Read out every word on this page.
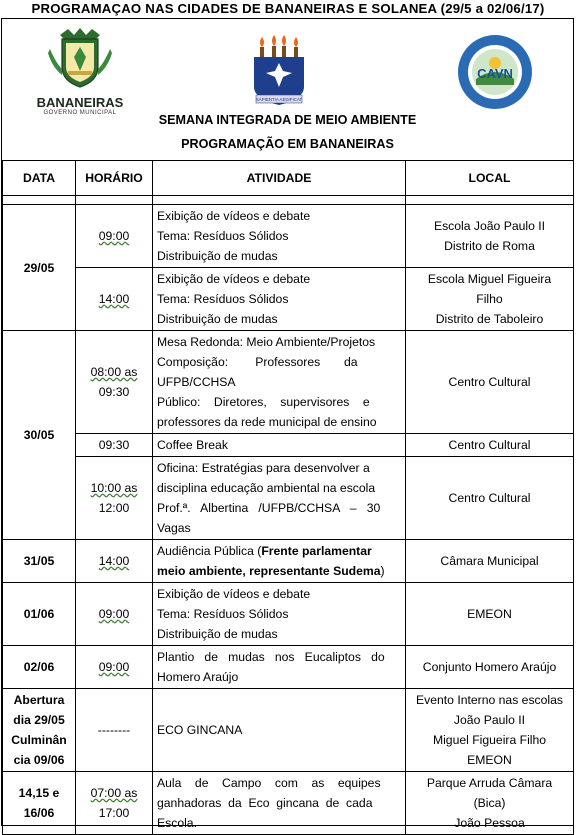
PROGRAMAÇAO NAS CIDADES DE BANANEIRAS E SOLANEA (29/5 a 02/06/17)
BANANEIRAS
GOVERNO MUNICIPAL
SAPIENTIA AEDIFICAT
CAVN
SEMANA INTEGRADA DE MEIO AMBIENTE
PROGRAMAÇÃO EM BANANEIRAS
DATA	HORÁRIO	ATIVIDADE	LOCAL

29/05	09:00	Exibição de vídeos e debate
Tema: Resíduos Sólidos
Distribuição de mudas	Escola João Paulo II
Distrito de Roma

	14:00	Exibição de vídeos e debate
Tema: Resíduos Sólidos
Distribuição de mudas	Escola Miguel Figueira
Filho
Distrito de Taboleiro

30/05	08:00 as
09:30	Mesa Redonda: Meio Ambiente/Projetos
Composição:        Professores       da
UFPB/CCHSA
Público:    Diretores,    supervisores    e
professores da rede municipal de ensino	Centro Cultural
	09:30	Coffee Break	Centro Cultural

	10:00 as
12:00	Oficina: Estratégias para desenvolver a
disciplina educação ambiental na escola
Prof.ª.   Albertina   /UFPB/CCHSA   –   30
Vagas	Centro Cultural
31/05	14:00	Audiência Pública (Frente parlamentar
meio ambiente, representante Sudema)	Câmara Municipal
01/06	09:00	Exibição de vídeos e debate
Tema: Resíduos Sólidos
Distribuição de mudas	EMEON
02/06	09:00	Plantio   de   mudas   nos   Eucaliptos   do
Homero Araújo	Conjunto Homero Araújo

Abertura
dia 29/05
Culminân
cia 09/06	--------	ECO GINCANA	Evento Interno nas escolas
João Paulo II
Miguel Figueira Filho
EMEON

14,15 e
16/06	07:00 as
17:00	Aula    de    Campo    com    as    equipes
ganhadoras  da  Eco  gincana  de  cada
Escola.	Parque Arruda Câmara
(Bica)
João Pessoa
